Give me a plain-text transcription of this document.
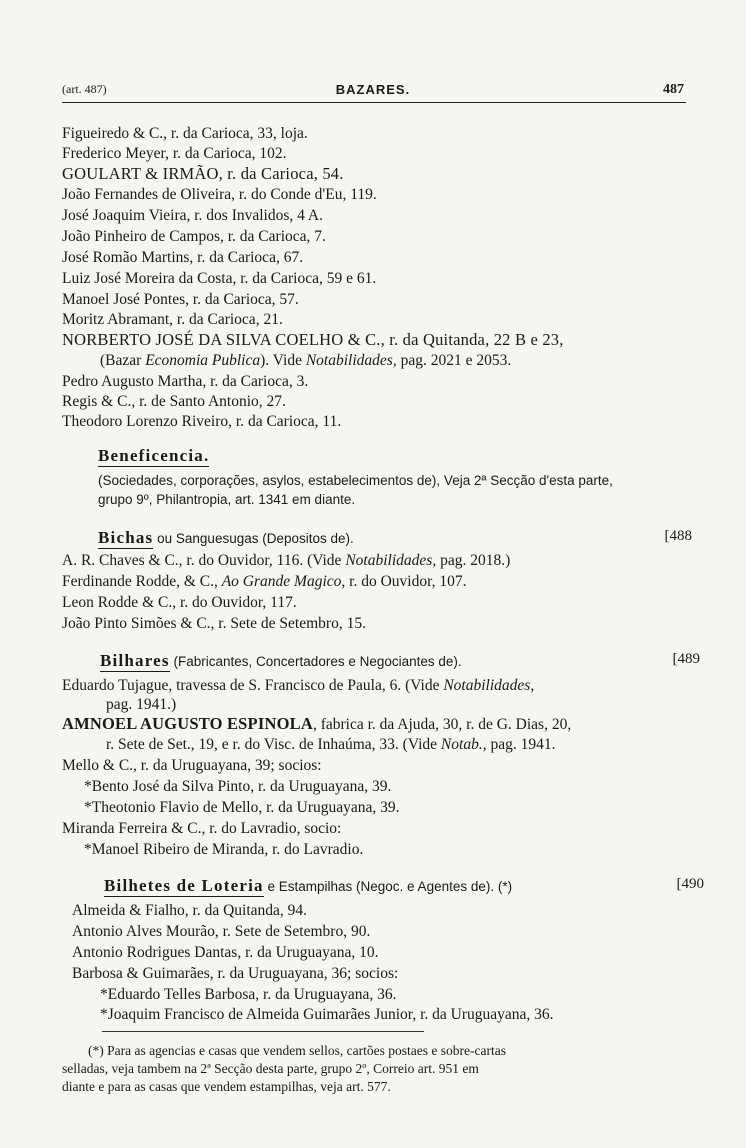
(art. 487)	BAZARES.	487
Figueiredo & C., r. da Carioca, 33, loja.
Frederico Meyer, r. da Carioca, 102.
GOULART & IRMÃO, r. da Carioca, 54.
João Fernandes de Oliveira, r. do Conde d'Eu, 119.
José Joaquim Vieira, r. dos Invalidos, 4 A.
João Pinheiro de Campos, r. da Carioca, 7.
José Romão Martins, r. da Carioca, 67.
Luiz José Moreira da Costa, r. da Carioca, 59 e 61.
Manoel José Pontes, r. da Carioca, 57.
Moritz Abramant, r. da Carioca, 21.
NORBERTO JOSÉ DA SILVA COELHO & C., r. da Quitanda, 22 B e 23,
(Bazar Economia Publica). Vide Notabilidades, pag. 2021 e 2053.
Pedro Augusto Martha, r. da Carioca, 3.
Regis & C., r. de Santo Antonio, 27.
Theodoro Lorenzo Riveiro, r. da Carioca, 11.
Beneficencia.
(Sociedades, corporações, asylos, estabelecimentos de), Veja 2ª Secção d'esta parte,
grupo 9º, Philantropia, art. 1341 em diante.
Bichas ou Sanguesugas (Depositos de).	[488
A. R. Chaves & C., r. do Ouvidor, 116. (Vide Notabilidades, pag. 2018.)
Ferdinande Rodde, & C., Ao Grande Magico, r. do Ouvidor, 107.
Leon Rodde & C., r. do Ouvidor, 117.
João Pinto Simões & C., r. Sete de Setembro, 15.
Bilhares (Fabricantes, Concertadores e Negociantes de).	[489
Eduardo Tujague, travessa de S. Francisco de Paula, 6. (Vide Notabilidades,
pag. 1941.)
AMNOEL AUGUSTO ESPINOLA, fabrica r. da Ajuda, 30, r. de G. Dias, 20,
r. Sete de Set., 19, e r. do Visc. de Inhaúma, 33. (Vide Notab., pag. 1941.
Mello & C., r. da Uruguayana, 39; socios:
*Bento José da Silva Pinto, r. da Uruguayana, 39.
*Theotonio Flavio de Mello, r. da Uruguayana, 39.
Miranda Ferreira & C., r. do Lavradio, socio:
*Manoel Ribeiro de Miranda, r. do Lavradio.
Bilhetes de Loteria e Estampilhas (Negoc. e Agentes de). (*)	[490
Almeida & Fialho, r. da Quitanda, 94.
Antonio Alves Mourão, r. Sete de Setembro, 90.
Antonio Rodrigues Dantas, r. da Uruguayana, 10.
Barbosa & Guimarães, r. da Uruguayana, 36; socios:
*Eduardo Telles Barbosa, r. da Uruguayana, 36.
*Joaquim Francisco de Almeida Guimarães Junior, r. da Uruguayana, 36.
(*) Para as agencias e casas que vendem sellos, cartões postaes e sobre-cartas
selladas, veja tambem na 2ª Secção desta parte, grupo 2º, Correio art. 951 em
diante e para as casas que vendem estampilhas, veja art. 577.
